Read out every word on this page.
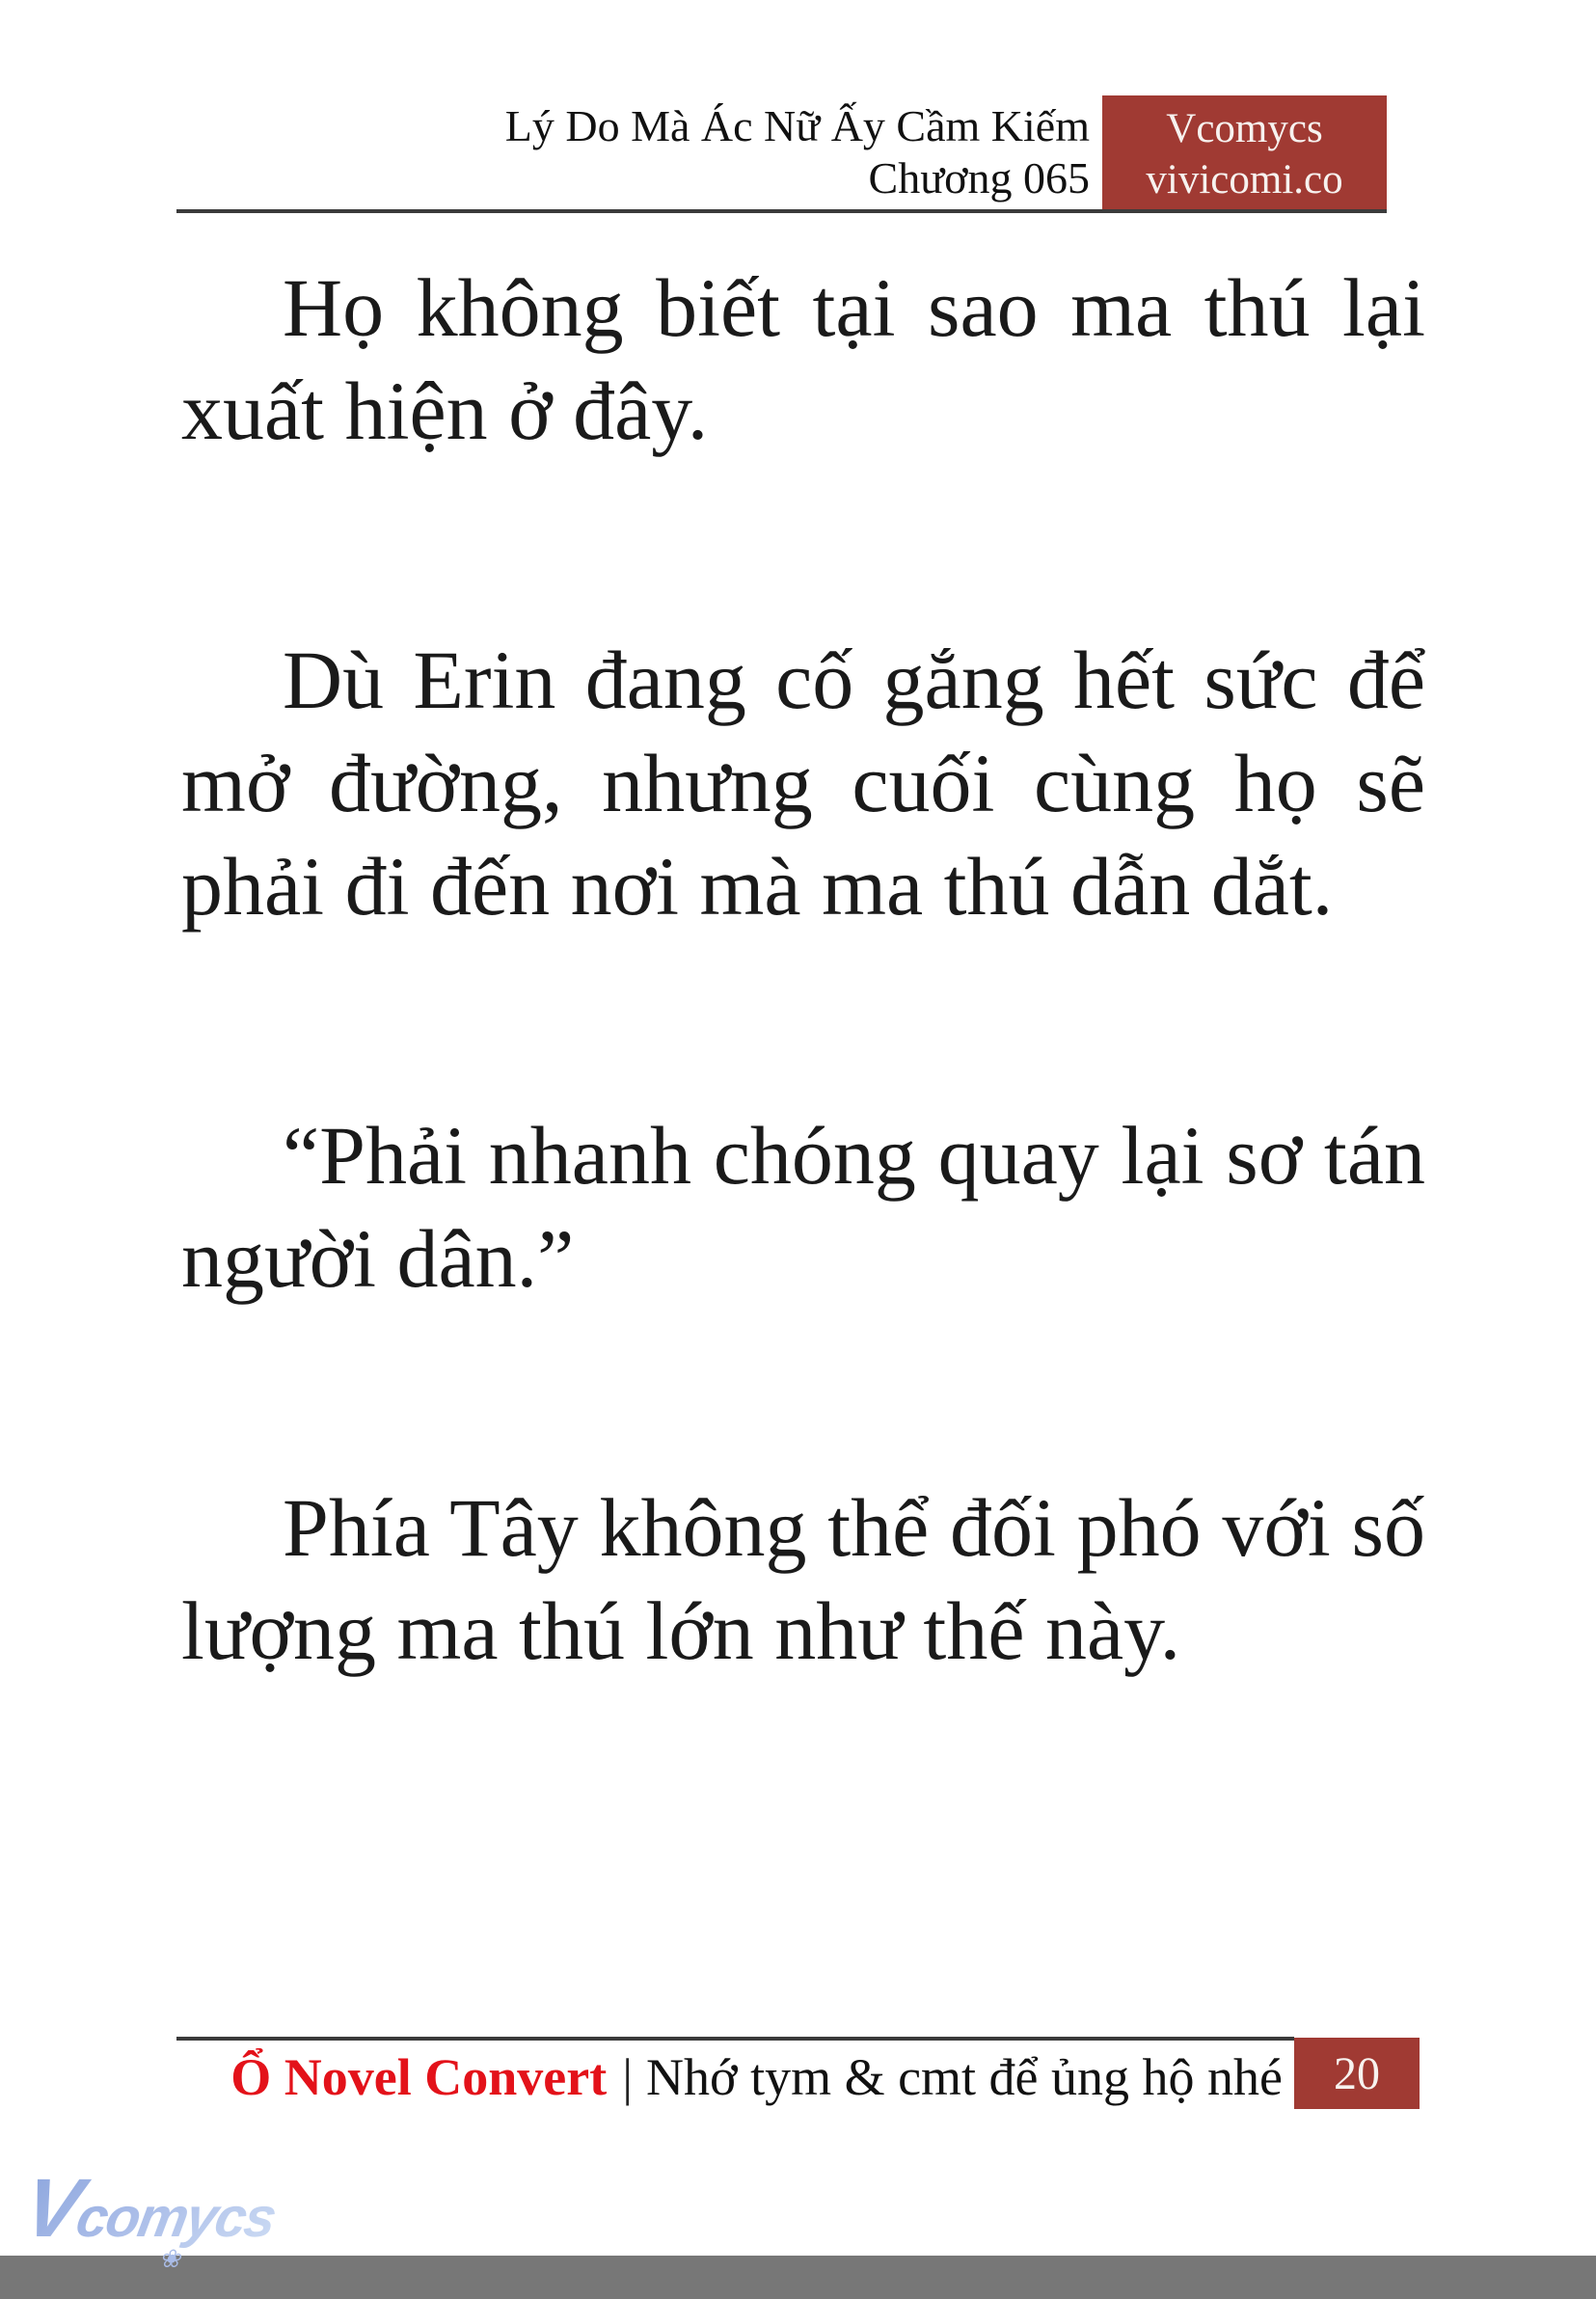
Lý Do Mà Ác Nữ Ấy Cầm Kiếm
Chương 065
Vcomycs
vivicomi.co

Họ không biết tại sao ma thú lại xuất hiện ở đây.

Dù Erin đang cố gắng hết sức để mở đường, nhưng cuối cùng họ sẽ phải đi đến nơi mà ma thú dẫn dắt.

“Phải nhanh chóng quay lại sơ tán người dân.”

Phía Tây không thể đối phó với số lượng ma thú lớn như thế này.

Ổ Novel Convert | Nhớ tym & cmt để ủng hộ nhé	20
Vcomycs
❀
